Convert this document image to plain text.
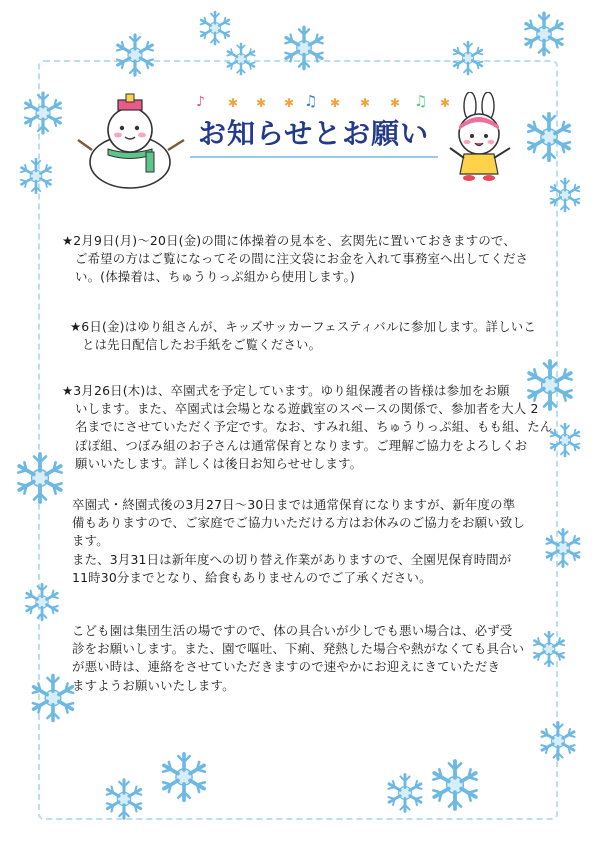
♪ ✱ ✱ ✱ ♫ ✱ ✱ ✱ ♫ ✱
お知らせとお願い

★2月9日(月)～20日(金)の間に体操着の見本を、玄関先に置いておきますので、
ご希望の方はご覧になってその間に注文袋にお金を入れて事務室へ出してくださ
い。(体操着は、ちゅうりっぷ組から使用します。)

★6日(金)はゆり組さんが、キッズサッカーフェスティバルに参加します。詳しいこ
とは先日配信したお手紙をご覧ください。

★3月26日(木)は、卒園式を予定しています。ゆり組保護者の皆様は参加をお願
いします。また、卒園式は会場となる遊戯室のスペースの関係で、参加者を大人 2
名までにさせていただく予定です。なお、すみれ組、ちゅうりっぷ組、もも組、たん
ぽぽ組、つぼみ組のお子さんは通常保育となります。ご理解ご協力をよろしくお
願いいたします。詳しくは後日お知らせせします。

卒園式・終園式後の3月27日～30日までは通常保育になりますが、新年度の準
備もありますので、ご家庭でご協力いただける方はお休みのご協力をお願い致し
ます。
また、3月31日は新年度への切り替え作業がありますので、全園児保育時間が
11時30分までとなり、給食もありませんのでご了承ください。

こども園は集団生活の場ですので、体の具合いが少しでも悪い場合は、必ず受
診をお願いします。また、園で嘔吐、下痢、発熱した場合や熱がなくても具合い
が悪い時は、連絡をさせていただきますので速やかにお迎えにきていただき
ますようお願いいたします。
